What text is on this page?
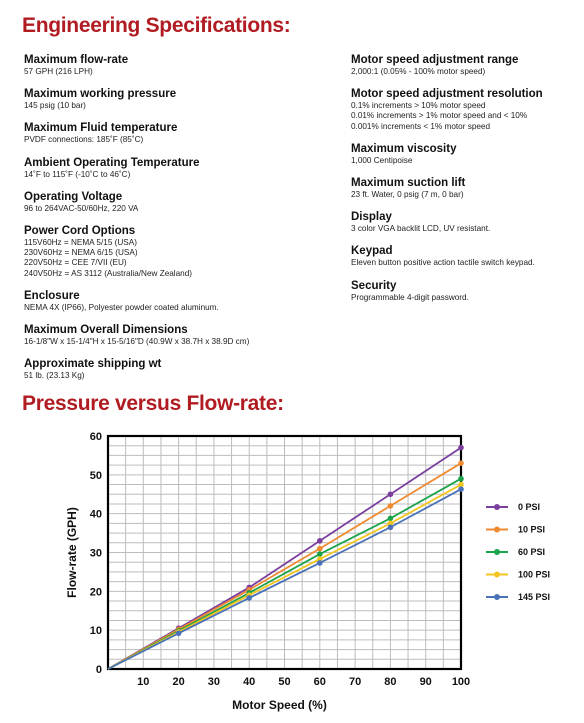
Engineering Specifications:
Maximum flow-rate
57 GPH (216 LPH)
Maximum working pressure
145 psig (10 bar)
Maximum Fluid temperature
PVDF connections: 185˚F (85˚C)
Ambient Operating Temperature
14˚F to 115˚F (-10˚C to 46˚C)
Operating Voltage
96 to 264VAC-50/60Hz, 220 VA
Power Cord Options
115V60Hz = NEMA 5/15 (USA)
230V60Hz = NEMA 6/15 (USA)
220V50Hz = CEE 7/VII (EU)
240V50Hz = AS 3112 (Australia/New Zealand)
Enclosure
NEMA 4X (IP66), Polyester powder coated aluminum.
Maximum Overall Dimensions
16-1/8"W x 15-1/4"H x 15-5/16"D (40.9W x 38.7H x 38.9D cm)
Approximate shipping wt
51 lb. (23.13 Kg)
Motor speed adjustment range
2,000:1 (0.05% - 100% motor speed)
Motor speed adjustment resolution
0.1% increments > 10% motor speed
0.01% increments > 1% motor speed and < 10%
0.001% increments < 1% motor speed
Maximum viscosity
1,000 Centipoise
Maximum suction lift
23 ft. Water, 0 psig (7 m, 0 bar)
Display
3 color VGA backlit LCD, UV resistant.
Keypad
Eleven button positive action tactile switch keypad.
Security
Programmable 4-digit password.
Pressure versus Flow-rate:
0
10
20
30
40
50
60
10 20 30 40 50 60 70 80 90 100
Motor Speed (%)
Flow-rate (GPH)
0 PSI
10 PSI
60 PSI
100 PSI
145 PSI
